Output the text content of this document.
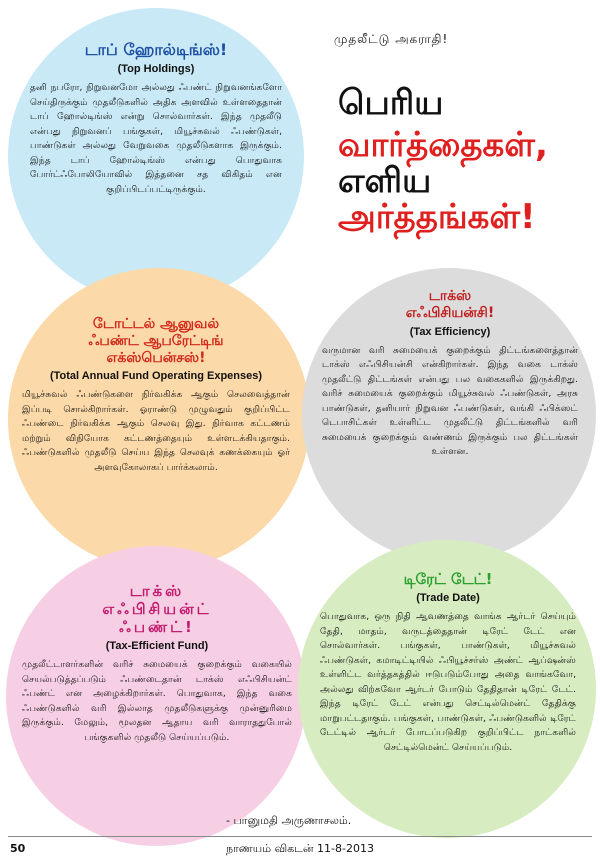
முதலீட்டு அகராதி!
பெரிய
வார்த்தைகள்,
எளிய
அர்த்தங்கள்!
டாப் ஹோல்டிங்ஸ்!
(Top Holdings)
தனி நபரோ, நிறுவனமோ அல்லது ஃபண்ட் நிறுவனங்களோ செய்திருக்கும் முதலீடுகளில் அதிக அளவில் உள்ளதைதான் டாப் ஹோல்டிங்ஸ் என்று சொல்வார்கள். இந்த முதலீடு என்பது நிறுவனப் பங்குகள், மியூச்சுவல் ஃபண்டுகள், பாண்டுகள் அல்லது வேறுவகை முதலீடுகளாக இருக்கும். இந்த டாப் ஹோல்டிங்ஸ் என்பது பொதுவாக போர்ட்ஃபோலியோவில் இத்தனை சத விகிதம் என குறிப்பிடப்பட்டிருக்கும்.
டோட்டல் ஆனுவல்
ஃபண்ட் ஆபரேட்டிங்
எக்ஸ்பென்சஸ்!
(Total Annual Fund Operating Expenses)
மியூச்சுவல் ஃபண்டுகளை நிர்வகிக்க ஆகும் செலவைத்தான் இப்படி சொல்கிறார்கள். ஓராண்டு முழுவதும் குறிப்பிட்ட ஃபண்டை நிர்வகிக்க ஆகும் செலவு இது. நிர்வாக கட்டணம் மற்றும் விநியோக கட்டணத்தையும் உள்ளடக்கியதாகும். ஃபண்டுகளில் முதலீடு செய்ய இந்த செலவுக் கணக்கையும் ஓர் அளவுகோலாகப் பார்க்கலாம்.
டாக்ஸ்
எஃபிசியன்சி!
(Tax Efficiency)
வருமான வரி சுமையைக் குறைக்கும் திட்டங்களைத்தான் டாக்ஸ் எஃபிசியன்சி என்கிறார்கள். இந்த வகை டாக்ஸ் முதலீட்டு திட்டங்கள் என்பது பல வகைகளில் இருக்கிறது. வரிச் சுமையைக் குறைக்கும் மியூச்சுவல் ஃபண்டுகள், அரசு பாண்டுகள், தனியார் நிறுவன ஃபண்டுகள், வங்கி ஃபிக்ஸட் டெபாசிட்கள் உள்ளிட்ட முதலீட்டு திட்டங்களில் வரி சுமையைக் குறைக்கும் வண்ணம் இருக்கும் பல திட்டங்கள் உள்ளன.
டாக்ஸ்
எஃபிசியன்ட்
ஃபண்ட்!
(Tax-Efficient Fund)
முதலீட்டாளர்களின் வரிச் சுமையைக் குறைக்கும் வகையில் செயல்படுத்தப்படும் ஃபண்டைதான் டாக்ஸ் எஃபிசியன்ட் ஃபண்ட் என அழைக்கிறார்கள். பொதுவாக, இந்த வகை ஃபண்டுகளில் வரி இல்லாத முதலீடுகளுக்கு முன்னுரிமை இருக்கும். மேலும், மூலதன ஆதாய வரி வாராததுபோல் பங்குகளில் முதலீடு செய்யப்படும்.
டிரேட் டேட்!
(Trade Date)
பொதுவாக, ஒரு நிதி ஆவணத்தை வாங்க ஆர்டர் செய்யும் தேதி, மாதம், வருடத்தைதான் டிரேட் டேட் என சொல்வார்கள். பங்குகள், பாண்டுகள், மியூச்சுவல் ஃபண்டுகள், கமாடிட்டியில் ஃபியூச்சர்ஸ் அண்ட் ஆப்ஷன்ஸ் உள்ளிட்ட வர்த்தகத்தில் ஈடுபடும்போது அதை வாங்கவோ, அல்லது விற்கவோ ஆர்டர் போடும் தேதிதான் டிரேட் டேட். இந்த டிரேட் டேட் என்பது செட்டில்மென்ட் தேதிக்கு மாறுபட்டதாகும். பங்குகள், பாண்டுகள், ஃபண்டுகளில் டிரேட் டேட்டில் ஆர்டர் போடப்படுகிற குறிப்பிட்ட நாட்களில் செட்டில்மென்ட் செய்யப்படும்.
- பானுமதி அருணாசலம்.
50	நாணயம் விகடன் 11-8-2013
